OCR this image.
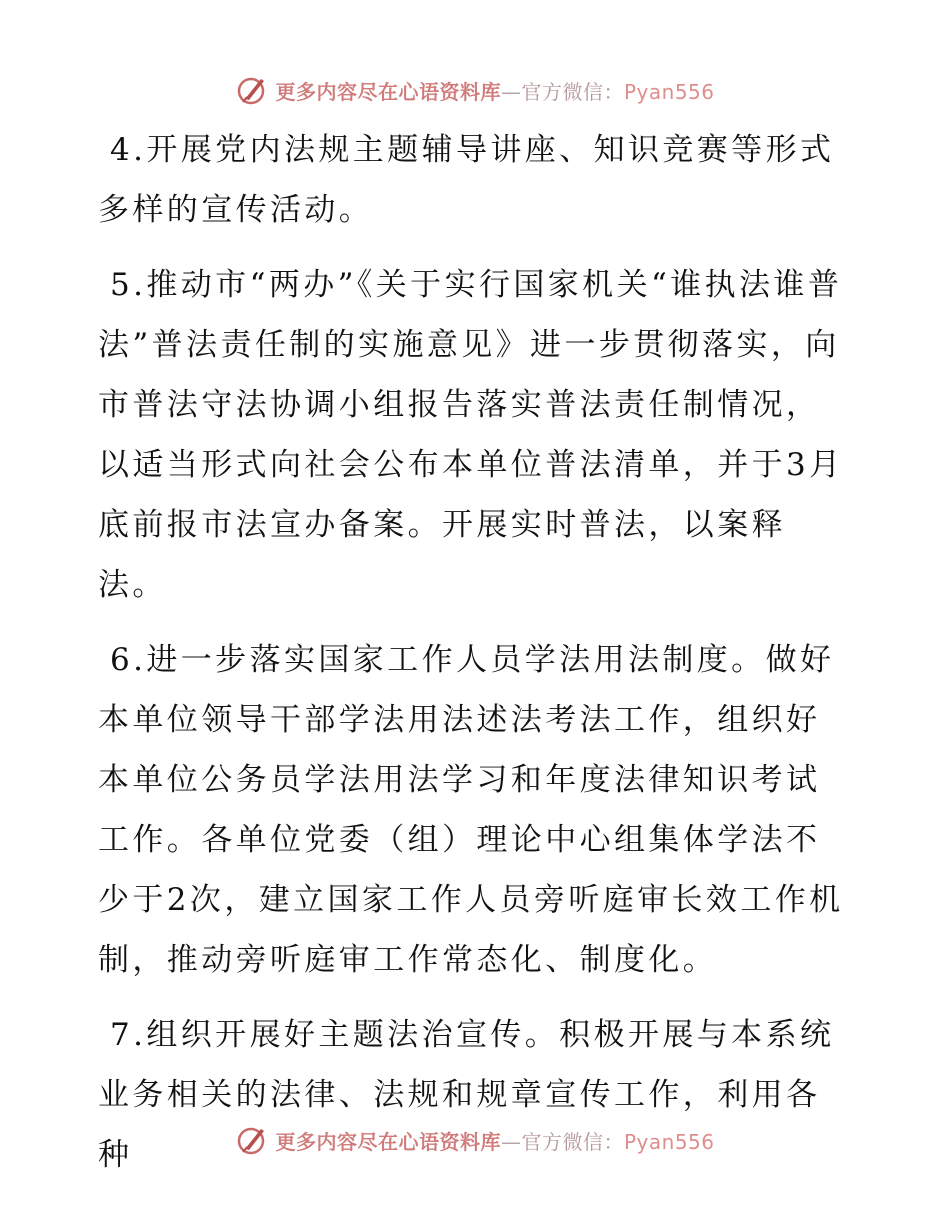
更多内容尽在心语资料库—官方微信：Pyan556

4.开展党内法规主题辅导讲座、知识竞赛等形式多样的宣传活动。

5.推动市“两办”《关于实行国家机关“谁执法谁普法”普法责任制的实施意见》进一步贯彻落实，向市普法守法协调小组报告落实普法责任制情况，以适当形式向社会公布本单位普法清单，并于3月底前报市法宣办备案。开展实时普法，以案释法。

6.进一步落实国家工作人员学法用法制度。做好本单位领导干部学法用法述法考法工作，组织好本单位公务员学法用法学习和年度法律知识考试工作。各单位党委（组）理论中心组集体学法不少于2次，建立国家工作人员旁听庭审长效工作机制，推动旁听庭审工作常态化、制度化。

7.组织开展好主题法治宣传。积极开展与本系统业务相关的法律、法规和规章宣传工作，利用各种	更多内容尽在心语资料库—官方微信：Pyan556
